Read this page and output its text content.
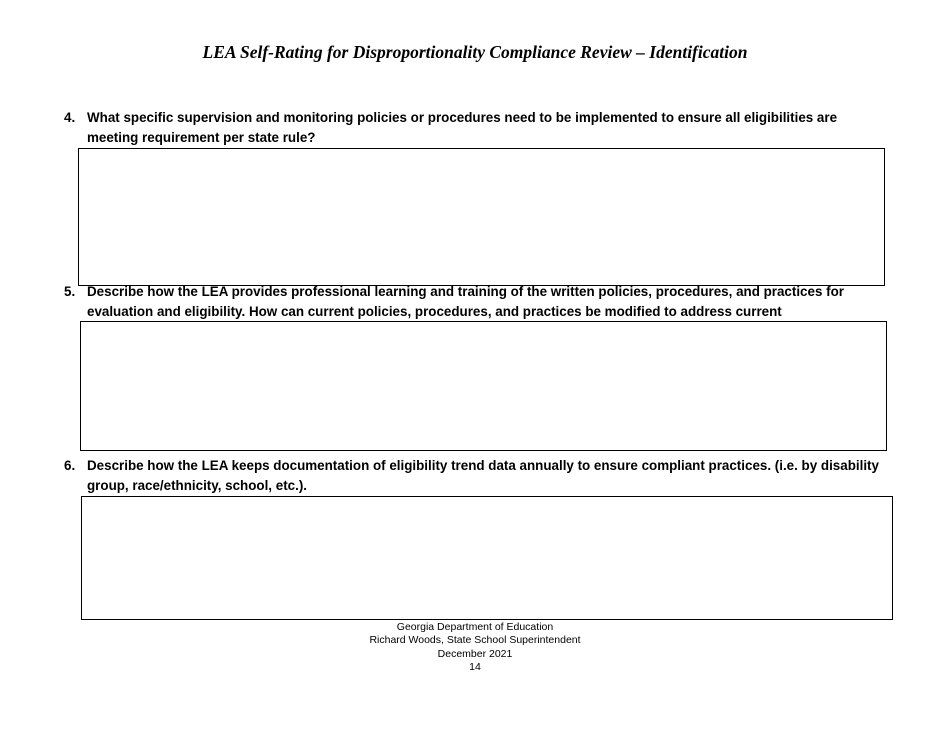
LEA Self-Rating for Disproportionality Compliance Review – Identification
4. What specific supervision and monitoring policies or procedures need to be implemented to ensure all eligibilities are meeting requirement per state rule?
5. Describe how the LEA provides professional learning and training of the written policies, procedures, and practices for evaluation and eligibility. How can current policies, procedures, and practices be modified to address current
6. Describe how the LEA keeps documentation of eligibility trend data annually to ensure compliant practices. (i.e. by disability group, race/ethnicity, school, etc.).
Georgia Department of Education
Richard Woods, State School Superintendent
December 2021
14
